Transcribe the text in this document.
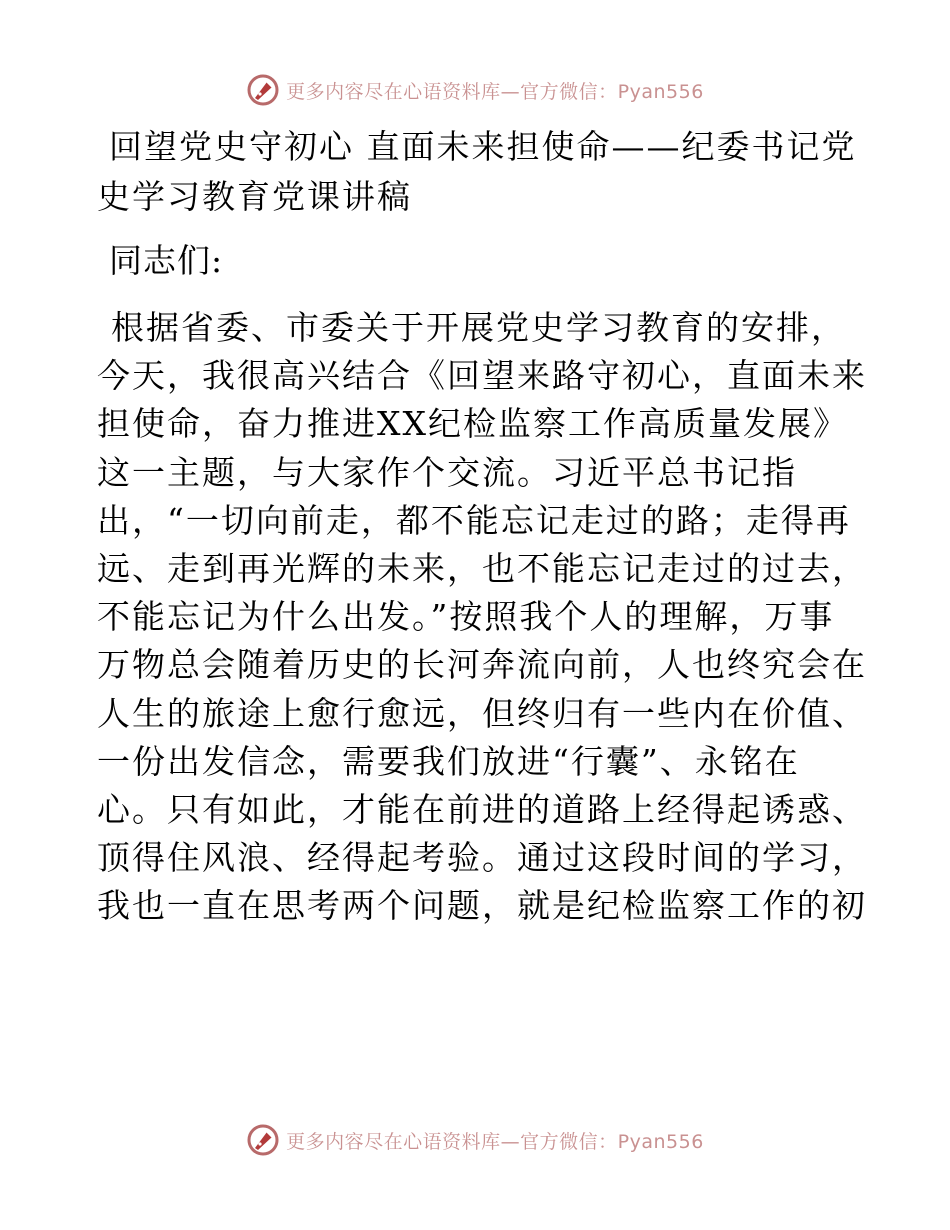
更多内容尽在心语资料库—官方微信：Pyan556
回望党史守初心 直面未来担使命——纪委书记党
史学习教育党课讲稿

同志们:

根据省委、市委关于开展党史学习教育的安排，
今天，我很高兴结合《回望来路守初心，直面未来
担使命，奋力推进XX纪检监察工作高质量发展》
这一主题，与大家作个交流。习近平总书记指
出，“一切向前走，都不能忘记走过的路；走得再
远、走到再光辉的未来，也不能忘记走过的过去，
不能忘记为什么出发。”按照我个人的理解，万事
万物总会随着历史的长河奔流向前，人也终究会在
人生的旅途上愈行愈远，但终归有一些内在价值、
一份出发信念，需要我们放进“行囊”、永铭在
心。只有如此，才能在前进的道路上经得起诱惑、
顶得住风浪、经得起考验。通过这段时间的学习，
我也一直在思考两个问题，就是纪检监察工作的初

更多内容尽在心语资料库—官方微信：Pyan556
